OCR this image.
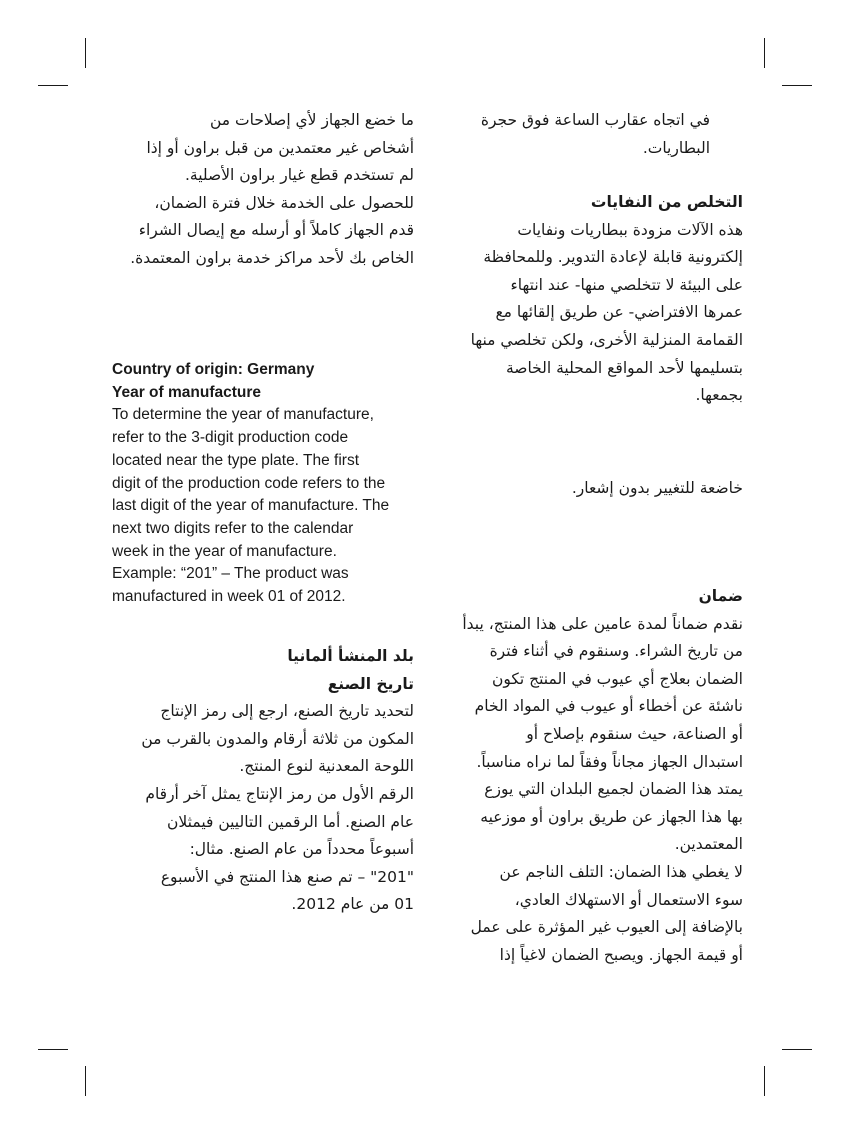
في اتجاه عقارب الساعة فوق حجرة
البطاريات.
التخلص من النفايات
هذه الآلات مزودة ببطاريات ونفايات
إلكترونية قابلة لإعادة التدوير. وللمحافظة
على البيئة لا تتخلصي منها- عند انتهاء
عمرها الافتراضي- عن طريق إلقائها مع
القمامة المنزلية الأخرى، ولكن تخلصي منها
بتسليمها لأحد المواقع المحلية الخاصة
بجمعها.
خاضعة للتغيير بدون إشعار.
ضمان
نقدم ضماناً لمدة عامين على هذا المنتج، يبدأ
من تاريخ الشراء. وسنقوم في أثناء فترة
الضمان بعلاج أي عيوب في المنتج تكون
ناشئة عن أخطاء أو عيوب في المواد الخام
أو الصناعة، حيث سنقوم بإصلاح أو
استبدال الجهاز مجاناً وفقاً لما نراه مناسباً.
يمتد هذا الضمان لجميع البلدان التي يوزع
بها هذا الجهاز عن طريق براون أو موزعيه
المعتمدين.
لا يغطي هذا الضمان: التلف الناجم عن
سوء الاستعمال أو الاستهلاك العادي،
بالإضافة إلى العيوب غير المؤثرة على عمل
أو قيمة الجهاز. ويصبح الضمان لاغياً إذا
ما خضع الجهاز لأي إصلاحات من
أشخاص غير معتمدين من قبل براون أو إذا
لم تستخدم قطع غيار براون الأصلية.
للحصول على الخدمة خلال فترة الضمان،
قدم الجهاز كاملاً أو أرسله مع إيصال الشراء
الخاص بك لأحد مراكز خدمة براون المعتمدة.
Country of origin: Germany
Year of manufacture
To determine the year of manufacture,
refer to the 3-digit production code
located near the type plate. The first
digit of the production code refers to the
last digit of the year of manufacture. The
next two digits refer to the calendar
week in the year of manufacture.
Example: “201” – The product was
manufactured in week 01 of 2012.
بلد المنشأ ألمانيا
تاريخ الصنع
لتحديد تاريخ الصنع، ارجع إلى رمز الإنتاج
المكون من ثلاثة أرقام والمدون بالقرب من
اللوحة المعدنية لنوع المنتج.
الرقم الأول من رمز الإنتاج يمثل آخر أرقام
عام الصنع. أما الرقمين التاليين فيمثلان
أسبوعاً محدداً من عام الصنع. مثال:
"201" – تم صنع هذا المنتج في الأسبوع
01 من عام 2012.
